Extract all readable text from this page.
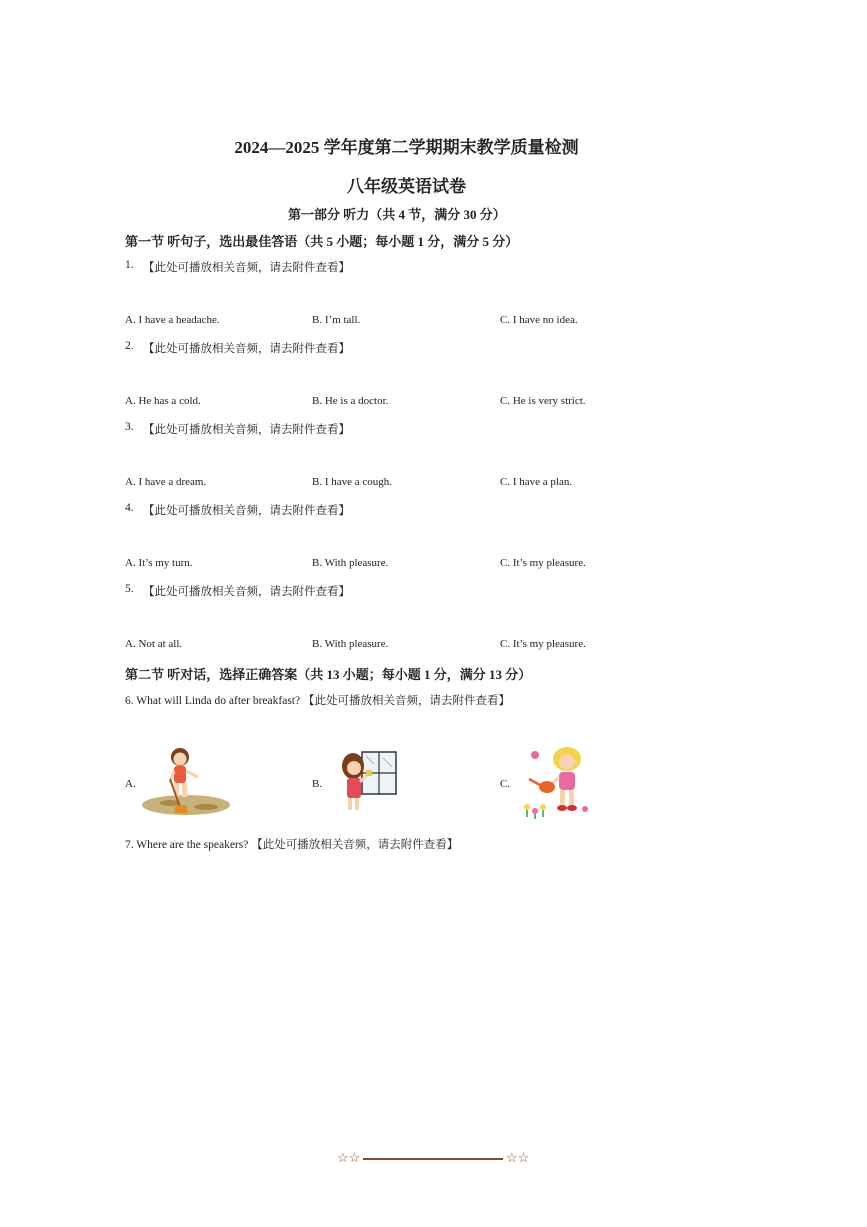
2024—2025 学年度第二学期期末教学质量检测
八年级英语试卷
第一部分 听力（共 4 节，满分 30 分）
第一节 听句子，选出最佳答语（共 5 小题；每小题 1 分，满分 5 分）
1. 【此处可播放相关音频，请去附件查看】
A. I have a headache.	B. I’m tall.	C. I have no idea.
2. 【此处可播放相关音频，请去附件查看】
A. He has a cold.	B. He is a doctor.	C. He is very strict.
3. 【此处可播放相关音频，请去附件查看】
A. I have a dream.	B. I have a cough.	C. I have a plan.
4. 【此处可播放相关音频，请去附件查看】
A. It’s my turn.	B. With pleasure.	C. It’s my pleasure.
5. 【此处可播放相关音频，请去附件查看】
A. Not at all.	B. With pleasure.	C. It’s my pleasure.
第二节 听对话，选择正确答案（共 13 小题；每小题 1 分，满分 13 分）
6. What will Linda do after breakfast? 【此处可播放相关音频，请去附件查看】
A.	B.	C.
7. Where are the speakers? 【此处可播放相关音频，请去附件查看】
☆☆	☆☆
